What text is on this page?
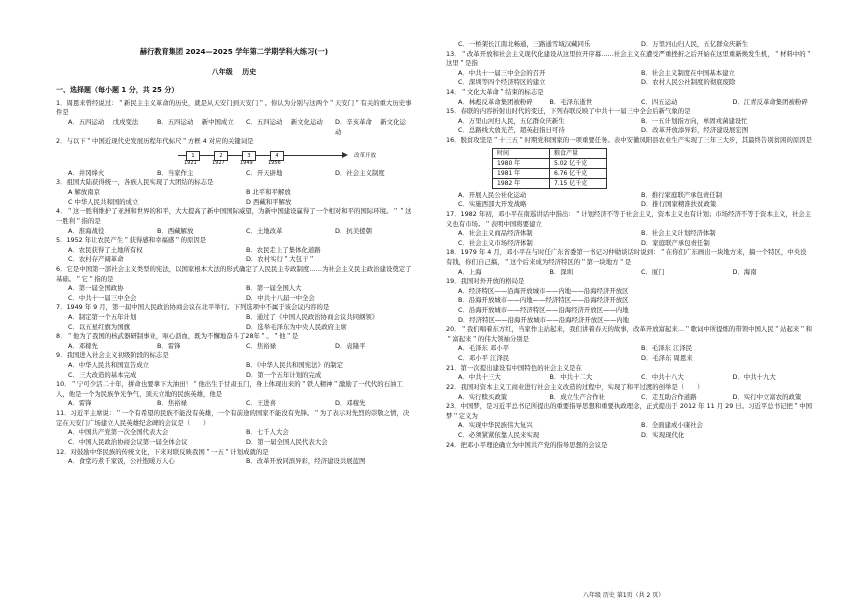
赫行教育集团 2024—2025 学年第二学期学科大练习(一)
八年级　 历史
一、选择题（每小题 1 分，共 25 分）
1．周恩来曾经说过：＂新民主主义革命的历史，就是从天安门到天安门＂。你认为分别与这两个＂天安门＂有关的重大历史事件是
A．五四运动　 戊戌变法	B．五四运动　 新中国成立	C．五四运动　 新文化运动	D．辛亥革命　 新文化运动
2．与以下＂中国近现代史发展历程年代标尺＂方框 4 对应的关键词是
1
1921
2
1927
3
1949
4
1956
改革开放
A．井冈烽火	B．当家作主	C．开天辟地	D．社会主义制度
3．祖国大陆获得统一，各族人民实现了大团结的标志是
A 解放南京	B 北平和平解放
C 中华人民共和国的成立	D 西藏和平解放
4．＂这一胜利维护了亚洲和世界的和平，大大提高了新中国国际威望，为新中国建设赢得了一个相对和平的国际环境。＂＂这一胜利＂指的是
A．淮海战役	B．西藏解放	C．土地改革	D．抗美援朝
5．1952 年让农民产生＂获得感和幸福感＂的原因是
A．农民获得了土地所有权	B．农民走上了集体化道路
C．农村存产阔革命	D．农村实行＂大包干＂
6．它是中国第一部社会主义类型的宪法，以国家根本大法的形式确定了人民民主专政制度……为社会主义民主政治建设奠定了基础。＂它＂指的是
A．第一届全国政协	B．第一届全国人大
C．中共十一届三中全会	D．中共十八届一中全会
7．1949 年 9 月，第一届中国人民政治协商会议在北平举行。下列选项中不属于该会议内容的是
A．制定第一个五年计划	B．通过了《中国人民政治协商会议共同纲领》
C．以五星红旗为国旗	D．选举毛泽东为中央人民政府主席
8．＂他为了我国的核武器研制事业，呕心沥血，既为不懈地奋斗了28年＂。＂他＂是
A．邓稼先	B．雷锋	C．焦裕禄	D．袁隆平
9．我国进入社会主义初级阶段的标志是
A．中华人民共和国宣告成立	B．《中华人民共和国宪法》的制定
C．三大改造的基本完成	D．第一个五年计划的完成
10．＂宁可少活二十年，拼命也要拿下大油田！＂他出生于甘肃玉门，身上体现出来的＂铁人精神＂激励了一代代的石油工人，他是一个为民族争光争气，顶天立地的民族英雄，他是
A．雷锋	B．焦裕禄	C．王进喜	D．邓稼先
11．习近平主席说：＂一个有希望的民族不能没有英雄，一个有前途的国家不能没有先锋。＂为了表示对先烈的崇敬之情，决定在天安门广场建立人民英雄纪念碑的会议是（　　）
A．中国共产党第一次全国代表大会	B．七千人大会
C．中国人民政治协商会议第一届全体会议	D．第一届全国人民代表大会
12．对鼓励中华民族的传统文化，下来对联反映我国＂一五＂计划成就的是
A．食堂巧煮千家饭，公社饱暖万人心	B．改革开放同滨异彩，经济建设共展蓝图
C．一桥架长江南北畅通，三路通雪域汉藏同乐	D．万里河山归人民，五亿群众庆新生
13．＂改革开放和社会主义现代化建设从这里拉开序幕……社会主义在遭受严重挫折之后开始在这里重新焕发生机，＂材料中的＂这里＂是指
A．中共十一届三中全会的召开	B．社会主义制度在中国基本建立
C．深圳等四个经济特区的建立	D．农村人民公社制度的彻底废除
14．＂文化大革命＂结束的标志是
A．林彪反革命集团被粉碎	B．毛泽东逝世	C．四五运动	D．江青反革命集团被粉碎
15．春联的内容折射出时代的变迁，下列春联反映了中共十一届三中全会后新气象的是
A．万里山河归人民，五亿群众庆新生	B．一五计划指方向，单固戎菌建设忙
C．总路线大放光芒，超英赶指日可待	D．改革开放添异彩，经济建设展宏图
16．脱贫攻坚是＂十三五＂时期党和国家的一项重要任务。表中安徽凤阳县农业生产实现了三年三大步，其最终告别贫困的原因是
时间	粮食产量
1980 年	5.02 亿千克
1981 年	6.76 亿千克
1982 年	7.15 亿千克
A．开展人民公社化运动	B．推行家庭联产承包责任制
C．实施西部大开发战略	D．推行国家精准扶贫政策
17．1982 年初，邓小平在南巡讲话中指出：＂计划经济不等于社会主义，资本主义也有计划；市场经济不等于资本主义，社会主义也有市场。＂表明中国将要建立
A．社会主义商品经济体制	B．社会主义计划经济体制
C．社会主义市场经济体制	D．家庭联产承包责任制
18．1979 年 4 月，邓小平在与时任广东省委第一书记习仲勋谈话时说到：＂在你们广东画出一块地方来，搞一个特区，中央没有钱，你们自己搞，＂这个后来成为经济特区的＂第一块地方＂是
A．上海	B．深圳	C．厦门	D．海南
19．我国对外开放的格局是
A．经济特区——沿海开放城市——内地——沿海经济开放区
B．沿海开放城市——内地——经济特区——沿海经济开放区
C．沿海开放城市——经济特区——沿海经济开放区——内地
D．经济特区——沿海开放城市——沿海经济开放区——内地
20．＂我们唱着东方红，当家作主站起来，我们讲着春天的故事，改革开放富起来…＂歌词中所提炼的带领中国人民＂站起来＂和＂富起来＂的伟大领袖分别是
A．毛泽东 邓小平	B．毛泽东 江泽民
C．邓小平 江泽民	D．毛泽东 周恩来
21．第一次提出建设有中国特色的社会主义是在
A．中共十三大	B．中共十二大	C．中共十八大	D．中共十九大
22．我国对资本主义工商业进行社会主义改造的过程中，实现了和平过渡的创举是（　　）
A．实行赎买政策	B．成立生产合作社	C．走互助合作道路	D．实行中立富农的政策
23．中国梦，是习近平总书记所提出的重要指导思想和重要执政理念，正式提出于 2012 年 11 月 29 日。习近平总书记把＂中国梦＂定义为
A．实现中华民族伟大复兴	B．全面建成小康社会
C．必须紧紧依靠人民来实现	D．实现现代化
24．把邓小平理论确立为中国共产党的指导思想的会议是
八年级 历史 第1页（共 2 页）
